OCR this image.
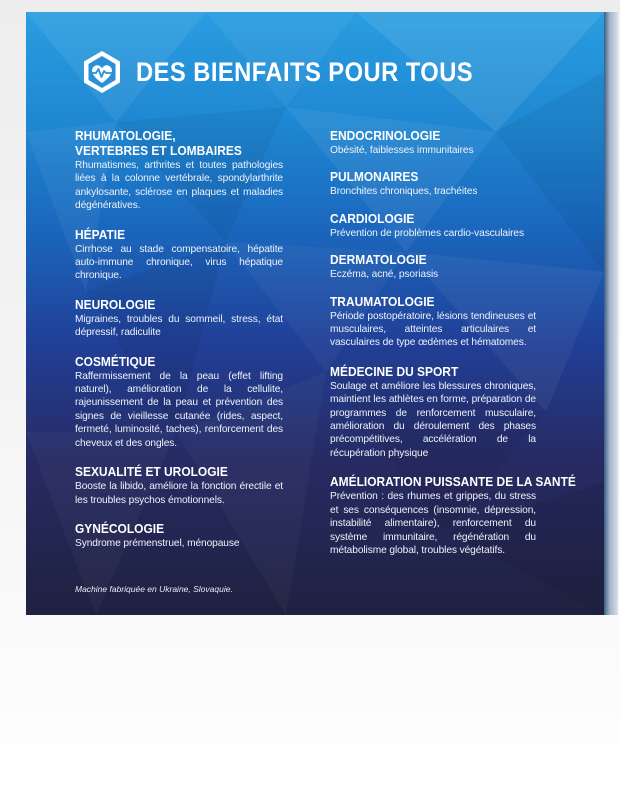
DES BIENFAITS POUR TOUS
RHUMATOLOGIE,
VERTEBRES ET LOMBAIRES
Rhumatismes, arthrites et toutes pathologies liées à la colonne vertébrale, spondylarthrite ankylosante, sclérose en plaques et maladies dégénératives.
HÉPATIE
Cirrhose au stade compensatoire, hépatite auto-immune chronique, virus hépatique chronique.
NEUROLOGIE
Migraines, troubles du sommeil, stress, état dépressif, radiculite
COSMÉTIQUE
Raffermissement de la peau (effet lifting naturel), amélioration de la cellulite, rajeunissement de la peau et prévention des signes de vieillesse cutanée (rides, aspect, fermeté, luminosité, taches), renforcement des cheveux et des ongles.
SEXUALITÉ ET UROLOGIE
Booste la libido, améliore la fonction érectile et les troubles psychos émotionnels.
GYNÉCOLOGIE
Syndrome prémenstruel, ménopause
ENDOCRINOLOGIE
Obésité, faiblesses immunitaires
PULMONAIRES
Bronchites chroniques, trachéites
CARDIOLOGIE
Prévention de problèmes cardio-vasculaires
DERMATOLOGIE
Eczéma, acné, psoriasis
TRAUMATOLOGIE
Période postopératoire, lésions tendineuses et musculaires, atteintes articulaires et vasculaires de type œdèmes et hématomes.
MÉDECINE DU SPORT
Soulage et améliore les blessures chroniques, maintient les athlètes en forme, préparation de programmes de renforcement musculaire, amélioration du déroulement des phases précompétitives, accélération de la récupération physique
AMÉLIORATION PUISSANTE DE LA SANTÉ
Prévention : des rhumes et grippes, du stress et ses conséquences (insomnie, dépression, instabilité alimentaire), renforcement du système immunitaire, régénération du métabolisme global, troubles végétatifs.
Machine fabriquée en Ukraine, Slovaquie.
